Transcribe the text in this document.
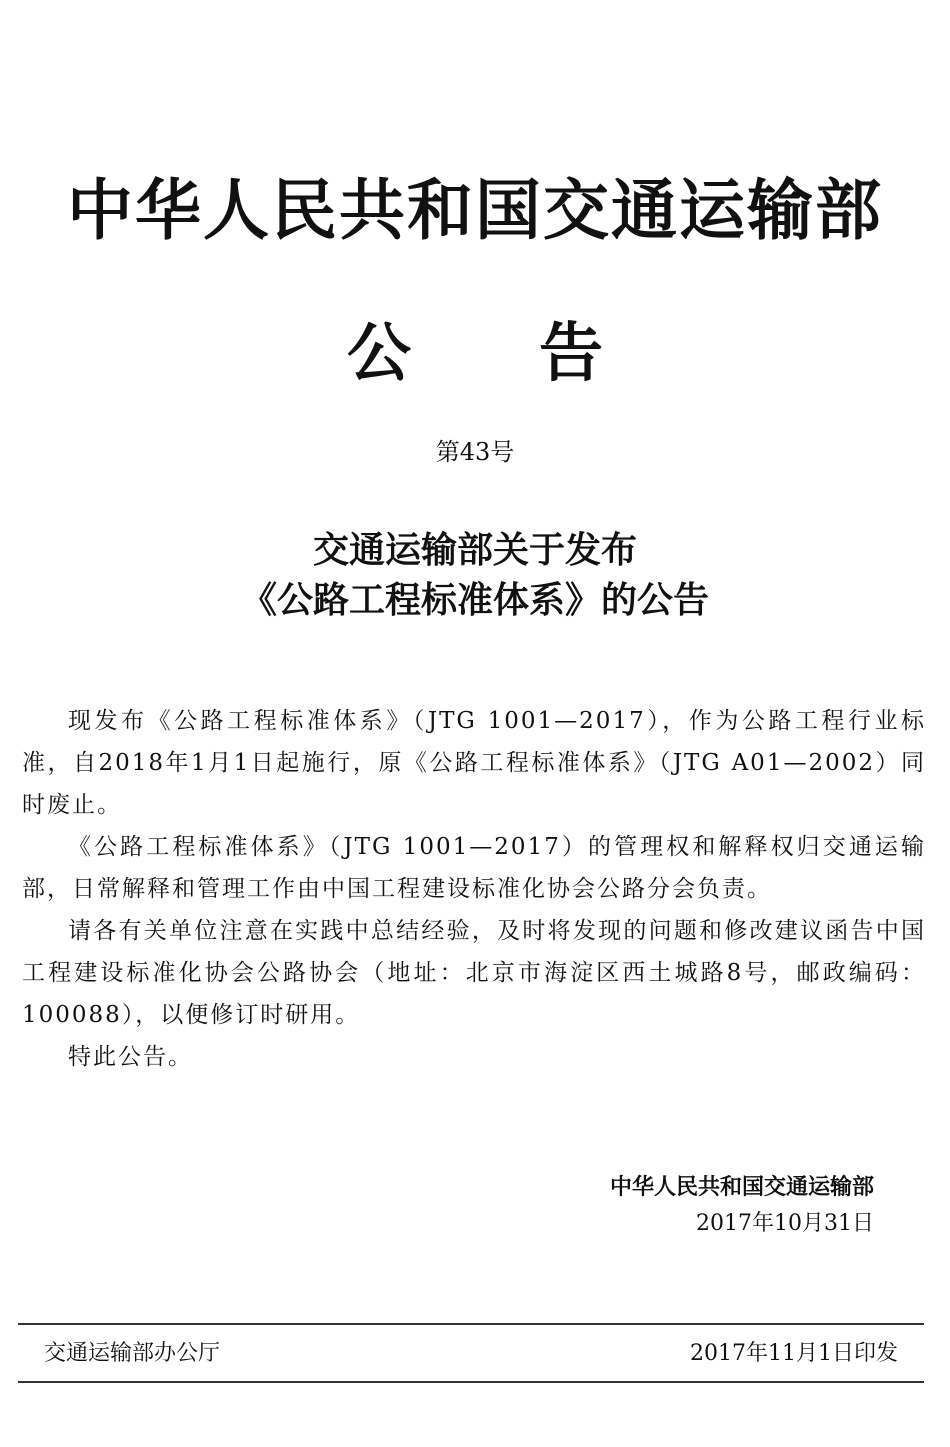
中华人民共和国交通运输部
公　　告
第43号
交通运输部关于发布
《公路工程标准体系》的公告

现发布《公路工程标准体系》（JTG 1001—2017），作为公路工程行业标准，自2018年1月1日起施行，原《公路工程标准体系》（JTG A01—2002）同时废止。

《公路工程标准体系》（JTG 1001—2017）的管理权和解释权归交通运输部，日常解释和管理工作由中国工程建设标准化协会公路分会负责。

请各有关单位注意在实践中总结经验，及时将发现的问题和修改建议函告中国工程建设标准化协会公路协会（地址：北京市海淀区西土城路8号，邮政编码：100088），以便修订时研用。

特此公告。

中华人民共和国交通运输部
2017年10月31日
交通运输部办公厅	2017年11月1日印发
